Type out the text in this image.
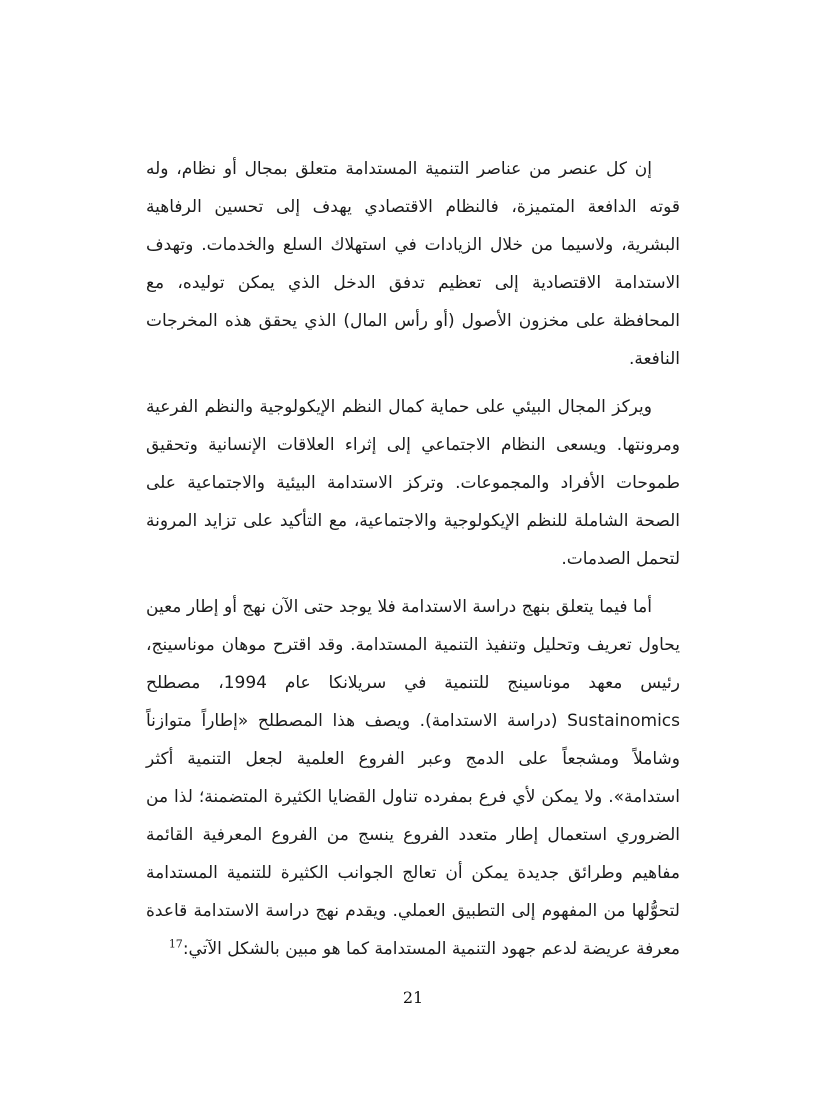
إن كل عنصر من عناصر التنمية المستدامة متعلق بمجال أو نظام، وله قوته الدافعة المتميزة، فالنظام الاقتصادي يهدف إلى تحسين الرفاهية البشرية، ولاسيما من خلال الزيادات في استهلاك السلع والخدمات. وتهدف الاستدامة الاقتصادية إلى تعظيم تدفق الدخل الذي يمكن توليده، مع المحافظة على مخزون الأصول (أو رأس المال) الذي يحقق هذه المخرجات النافعة.

ويركز المجال البيئي على حماية كمال النظم الإيكولوجية والنظم الفرعية ومرونتها. ويسعى النظام الاجتماعي إلى إثراء العلاقات الإنسانية وتحقيق طموحات الأفراد والمجموعات. وتركز الاستدامة البيئية والاجتماعية على الصحة الشاملة للنظم الإيكولوجية والاجتماعية، مع التأكيد على تزايد المرونة لتحمل الصدمات.

أما فيما يتعلق بنهج دراسة الاستدامة فلا يوجد حتى الآن نهج أو إطار معين يحاول تعريف وتحليل وتنفيذ التنمية المستدامة. وقد اقترح موهان موناسينج، رئيس معهد موناسينج للتنمية في سريلانكا عام 1994، مصطلح Sustainomics (دراسة الاستدامة). ويصف هذا المصطلح «إطاراً متوازناً وشاملاً ومشجعاً على الدمج وعبر الفروع العلمية لجعل التنمية أكثر استدامة». ولا يمكن لأي فرع بمفرده تناول القضايا الكثيرة المتضمنة؛ لذا من الضروري استعمال إطار متعدد الفروع ينسج من الفروع المعرفية القائمة مفاهيم وطرائق جديدة يمكن أن تعالج الجوانب الكثيرة للتنمية المستدامة لتحوُّلها من المفهوم إلى التطبيق العملي. ويقدم نهج دراسة الاستدامة قاعدة معرفة عريضة لدعم جهود التنمية المستدامة كما هو مبين بالشكل الآتي:$^{17}$

21
